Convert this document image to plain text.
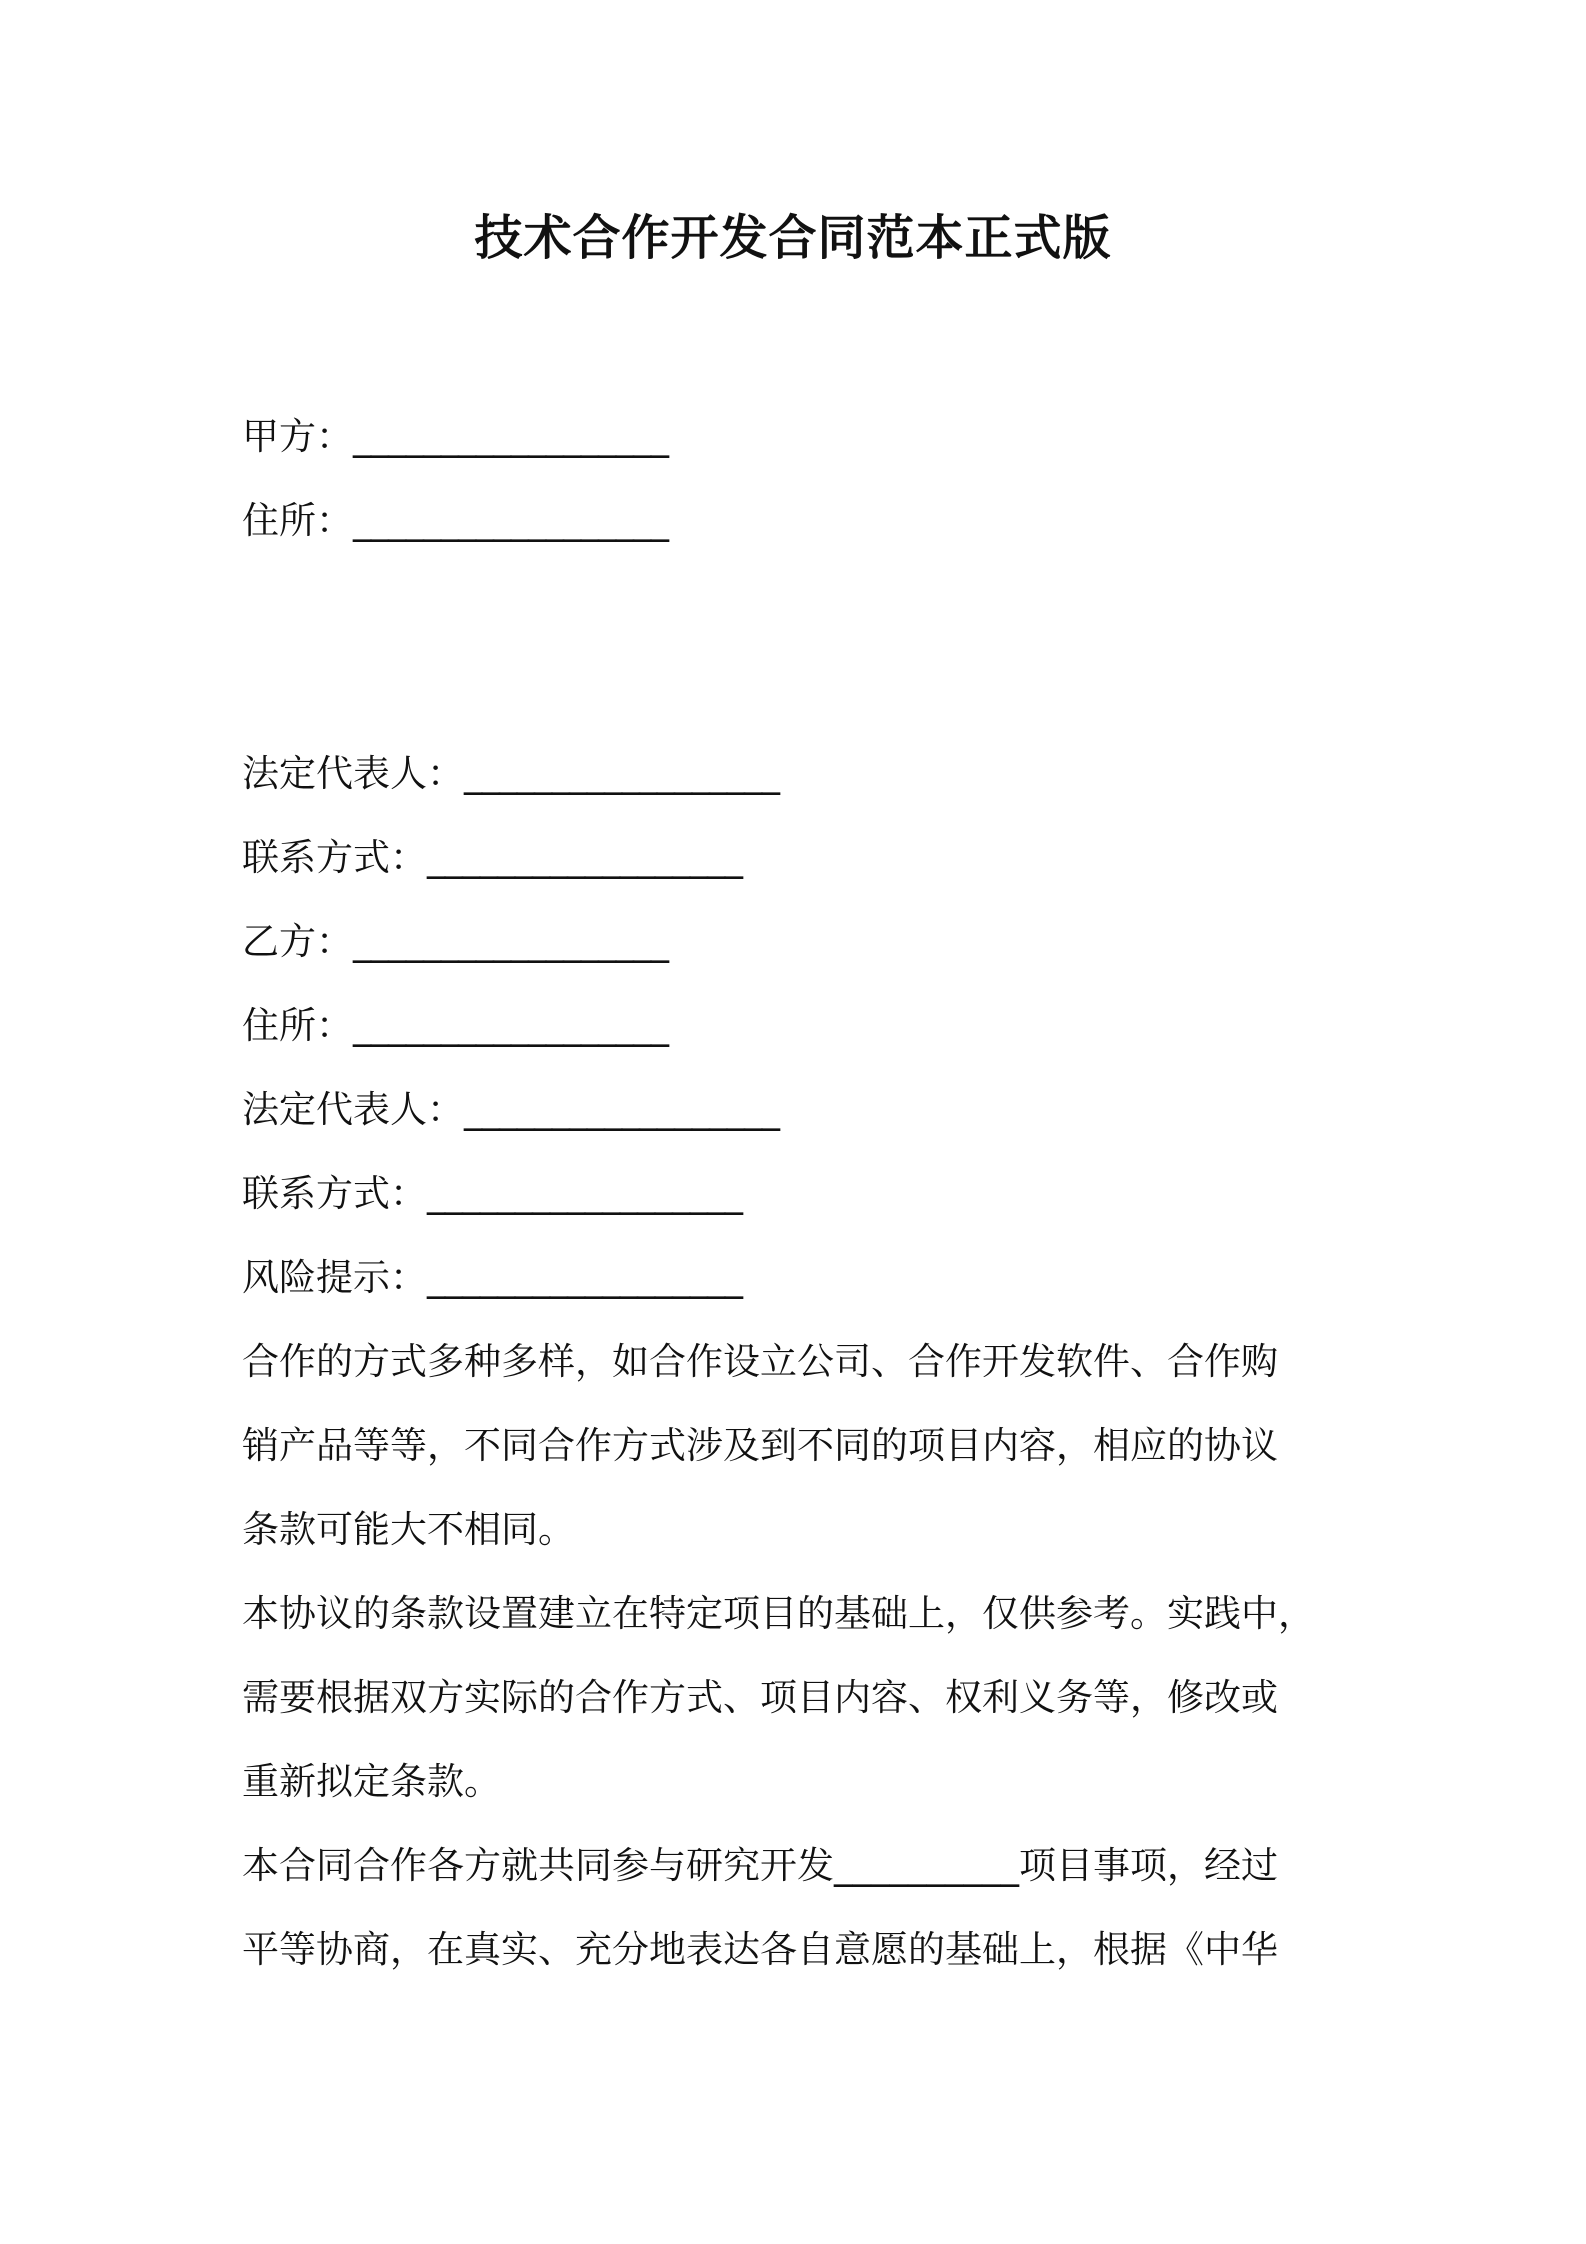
技术合作开发合同范本正式版
甲方：__________________
住所：__________________
法定代表人：__________________
联系方式：__________________
乙方：__________________
住所：__________________
法定代表人：__________________
联系方式：__________________
风险提示：__________________
合作的方式多种多样，如合作设立公司、合作开发软件、合作购
销产品等等，不同合作方式涉及到不同的项目内容，相应的协议
条款可能大不相同。
本协议的条款设置建立在特定项目的基础上，仅供参考。实践中，
需要根据双方实际的合作方式、项目内容、权利义务等，修改或
重新拟定条款。
本合同合作各方就共同参与研究开发__________项目事项，经过
平等协商，在真实、充分地表达各自意愿的基础上，根据《中华
